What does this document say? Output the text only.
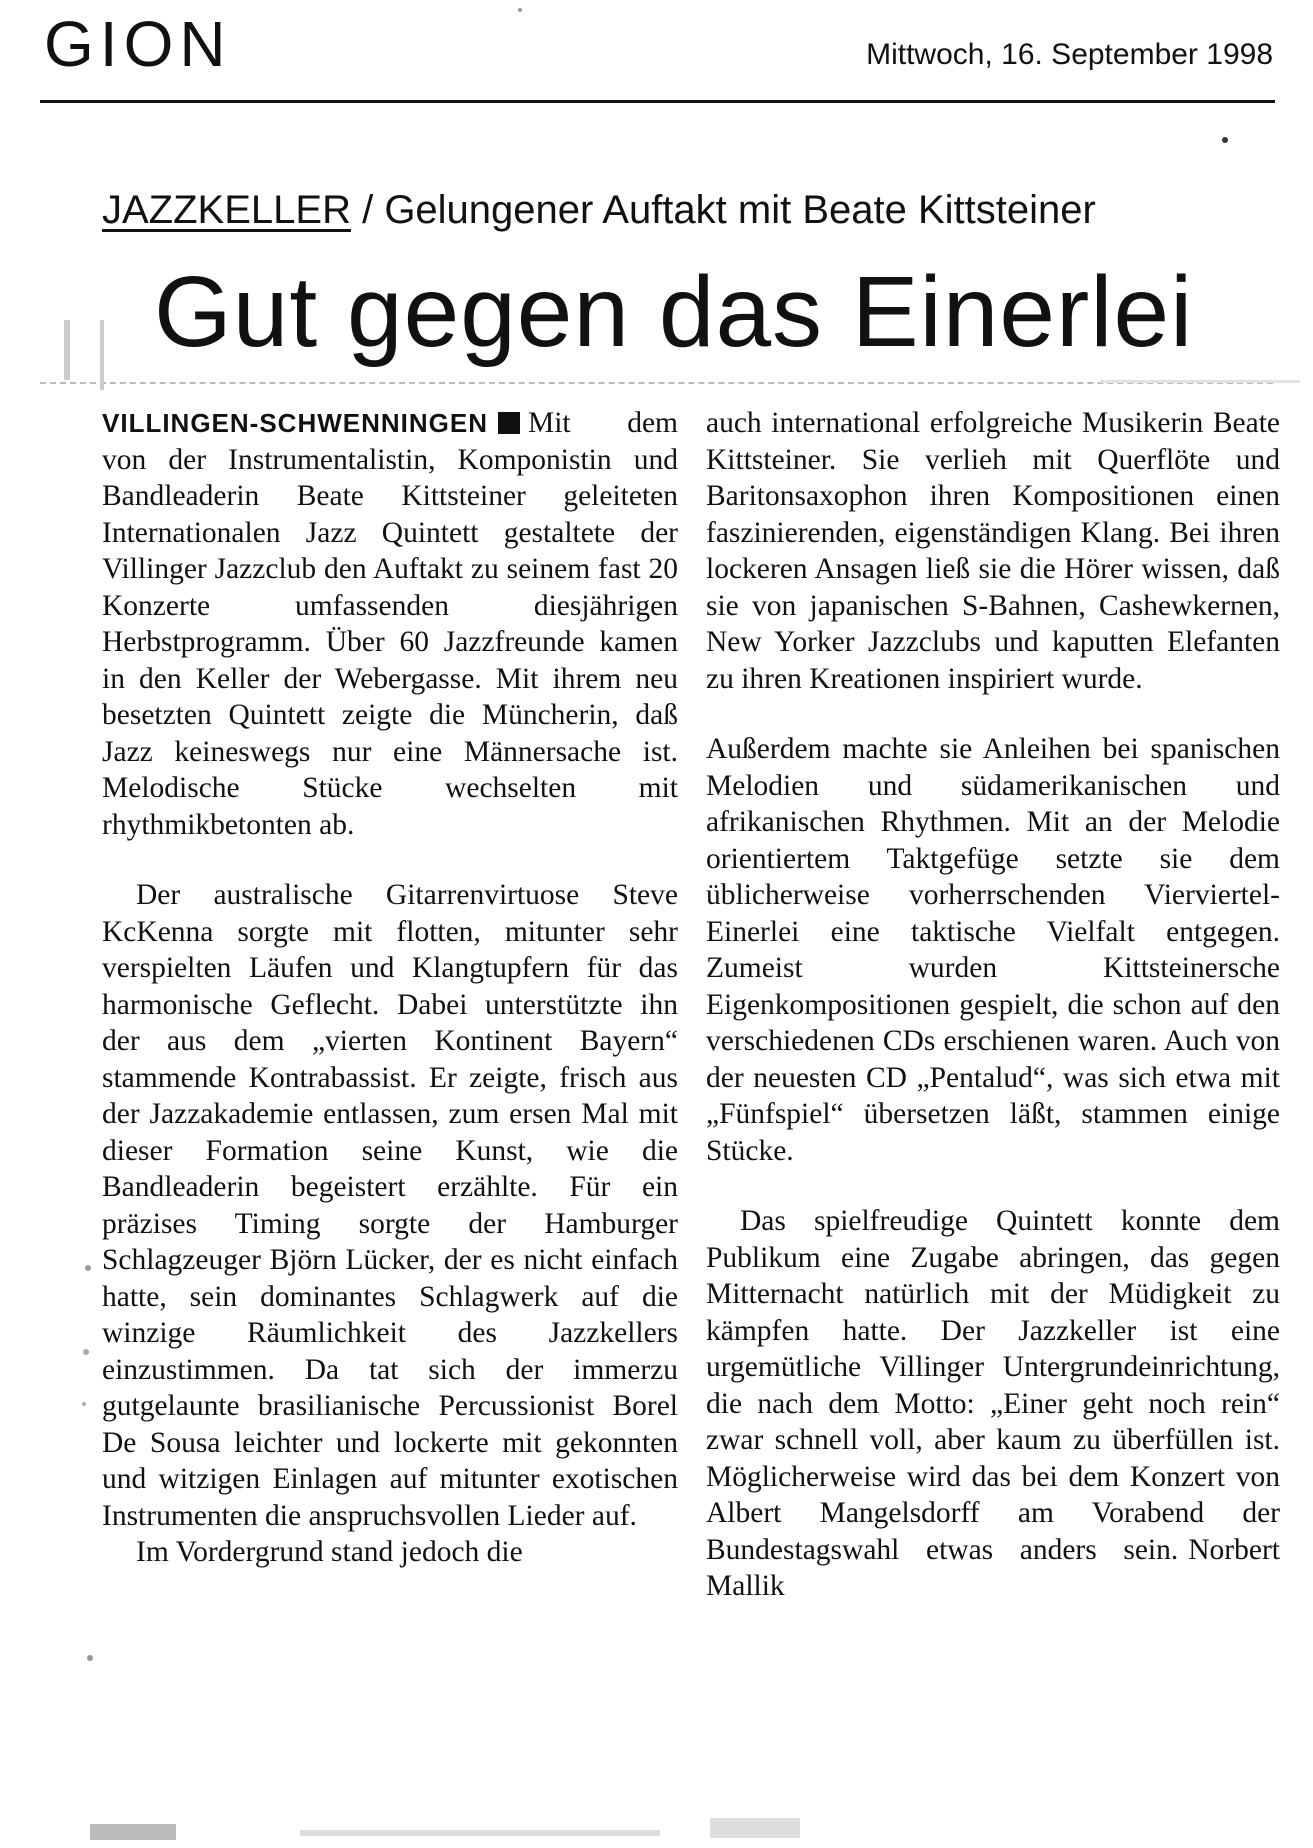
GION	Mittwoch, 16. September 1998
JAZZKELLER / Gelungener Auftakt mit Beate Kittsteiner
Gut gegen das Einerlei

VILLINGEN-SCHWENNINGEN Mit dem von der Instrumentalistin, Komponistin und Bandleaderin Beate Kittsteiner geleiteten Internationalen Jazz Quintett gestaltete der Villinger Jazzclub den Auftakt zu seinem fast 20 Konzerte umfassenden diesjährigen Herbstprogramm. Über 60 Jazzfreunde kamen in den Keller der Webergasse. Mit ihrem neu besetzten Quintett zeigte die Müncherin, daß Jazz keineswegs nur eine Männersache ist. Melodische Stücke wechselten mit rhythmikbetonten ab.

Der australische Gitarrenvirtuose Steve KcKenna sorgte mit flotten, mitunter sehr verspielten Läufen und Klangtupfern für das harmonische Geflecht. Dabei unterstützte ihn der aus dem „vierten Kontinent Bayern“ stammende Kontrabassist. Er zeigte, frisch aus der Jazzakademie entlassen, zum ersen Mal mit dieser Formation seine Kunst, wie die Bandleaderin begeistert erzählte. Für ein präzises Timing sorgte der Hamburger Schlagzeuger Björn Lücker, der es nicht einfach hatte, sein dominantes Schlagwerk auf die winzige Räumlichkeit des Jazzkellers einzustimmen. Da tat sich der immerzu gutgelaunte brasilianische Percussionist Borel De Sousa leichter und lockerte mit gekonnten und witzigen Einlagen auf mitunter exotischen Instrumenten die anspruchsvollen Lieder auf.

Im Vordergrund stand jedoch die

auch international erfolgreiche Musikerin Beate Kittsteiner. Sie verlieh mit Querflöte und Baritonsaxophon ihren Kompositionen einen faszinierenden, eigenständigen Klang. Bei ihren lockeren Ansagen ließ sie die Hörer wissen, daß sie von japanischen S-Bahnen, Cashewkernen, New Yorker Jazzclubs und kaputten Elefanten zu ihren Kreationen inspiriert wurde.

Außerdem machte sie Anleihen bei spanischen Melodien und südamerikanischen und afrikanischen Rhythmen. Mit an der Melodie orientiertem Taktgefüge setzte sie dem üblicherweise vorherrschenden Vierviertel-Einerlei eine taktische Vielfalt entgegen. Zumeist wurden Kittsteinersche Eigenkompositionen gespielt, die schon auf den verschiedenen CDs erschienen waren. Auch von der neuesten CD „Pentalud“, was sich etwa mit „Fünfspiel“ übersetzen läßt, stammen einige Stücke.

Das spielfreudige Quintett konnte dem Publikum eine Zugabe abringen, das gegen Mitternacht natürlich mit der Müdigkeit zu kämpfen hatte. Der Jazzkeller ist eine urgemütliche Villinger Untergrundeinrichtung, die nach dem Motto: „Einer geht noch rein“ zwar schnell voll, aber kaum zu überfüllen ist. Möglicherweise wird das bei dem Konzert von Albert Mangelsdorff am Vorabend der Bundestagswahl etwas anders sein. Norbert Mallik
